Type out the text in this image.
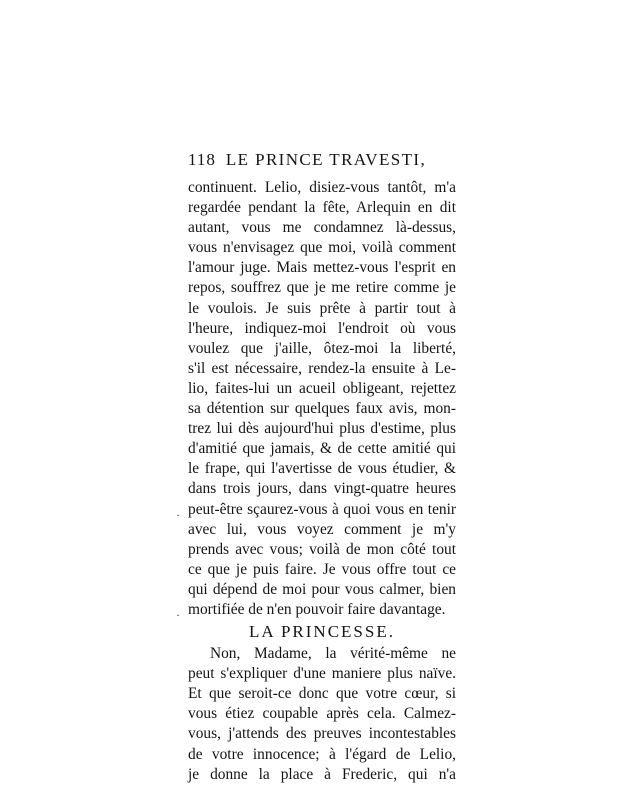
118 LE PRINCE TRAVESTI,
continuent. Lelio, disiez-vous tantôt, m'a
regardée pendant la fête, Arlequin en dit
autant, vous me condamnez là-dessus,
vous n'envisagez que moi, voilà comment
l'amour juge. Mais mettez-vous l'esprit en
repos, souffrez que je me retire comme je
le voulois. Je suis prête à partir tout à
l'heure, indiquez-moi l'endroit où vous
voulez que j'aille, ôtez-moi la liberté,
s'il est nécessaire, rendez-la ensuite à Le-
lio, faites-lui un acueil obligeant, rejettez
sa détention sur quelques faux avis, mon-
trez lui dès aujourd'hui plus d'estime, plus
d'amitié que jamais, & de cette amitié qui
le frape, qui l'avertisse de vous étudier, &
dans trois jours, dans vingt-quatre heures
peut-être sçaurez-vous à quoi vous en tenir
avec lui, vous voyez comment je m'y
prends avec vous; voilà de mon côté tout
ce que je puis faire. Je vous offre tout ce
qui dépend de moi pour vous calmer, bien
mortifiée de n'en pouvoir faire davantage.
LA PRINCESSE.
Non, Madame, la vérité-même ne
peut s'expliquer d'une maniere plus naïve.
Et que seroit-ce donc que votre cœur, si
vous étiez coupable après cela. Calmez-
vous, j'attends des preuves incontestables
de votre innocence; à l'égard de Lelio,
je donne la place à Frederic, qui n'a
·
·
